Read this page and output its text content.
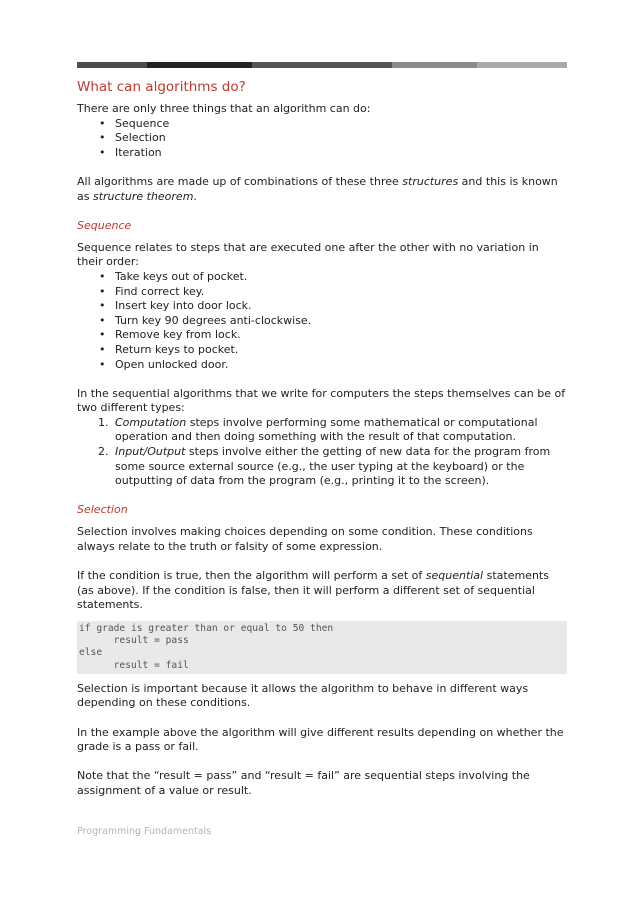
What can algorithms do?

There are only three things that an algorithm can do:

• Sequence
• Selection
• Iteration

All algorithms are made up of combinations of these three structures and this is known as structure theorem.

Sequence

Sequence relates to steps that are executed one after the other with no variation in their order:

• Take keys out of pocket.
• Find correct key.
• Insert key into door lock.
• Turn key 90 degrees anti-clockwise.
• Remove key from lock.
• Return keys to pocket.
• Open unlocked door.

In the sequential algorithms that we write for computers the steps themselves can be of two different types:

1. Computation steps involve performing some mathematical or computational operation and then doing something with the result of that computation.
2. Input/Output steps involve either the getting of new data for the program from some source external source (e.g., the user typing at the keyboard) or the outputting of data from the program (e.g., printing it to the screen).
Selection

Selection involves making choices depending on some condition. These conditions always relate to the truth or falsity of some expression.

If the condition is true, then the algorithm will perform a set of sequential statements (as above). If the condition is false, then it will perform a different set of sequential statements.

if grade is greater than or equal to 50 then
result = pass
else
result = fail

Selection is important because it allows the algorithm to behave in different ways depending on these conditions.

In the example above the algorithm will give different results depending on whether the grade is a pass or fail.

Note that the “result = pass” and “result = fail” are sequential steps involving the assignment of a value or result.

Programming Fundamentals
